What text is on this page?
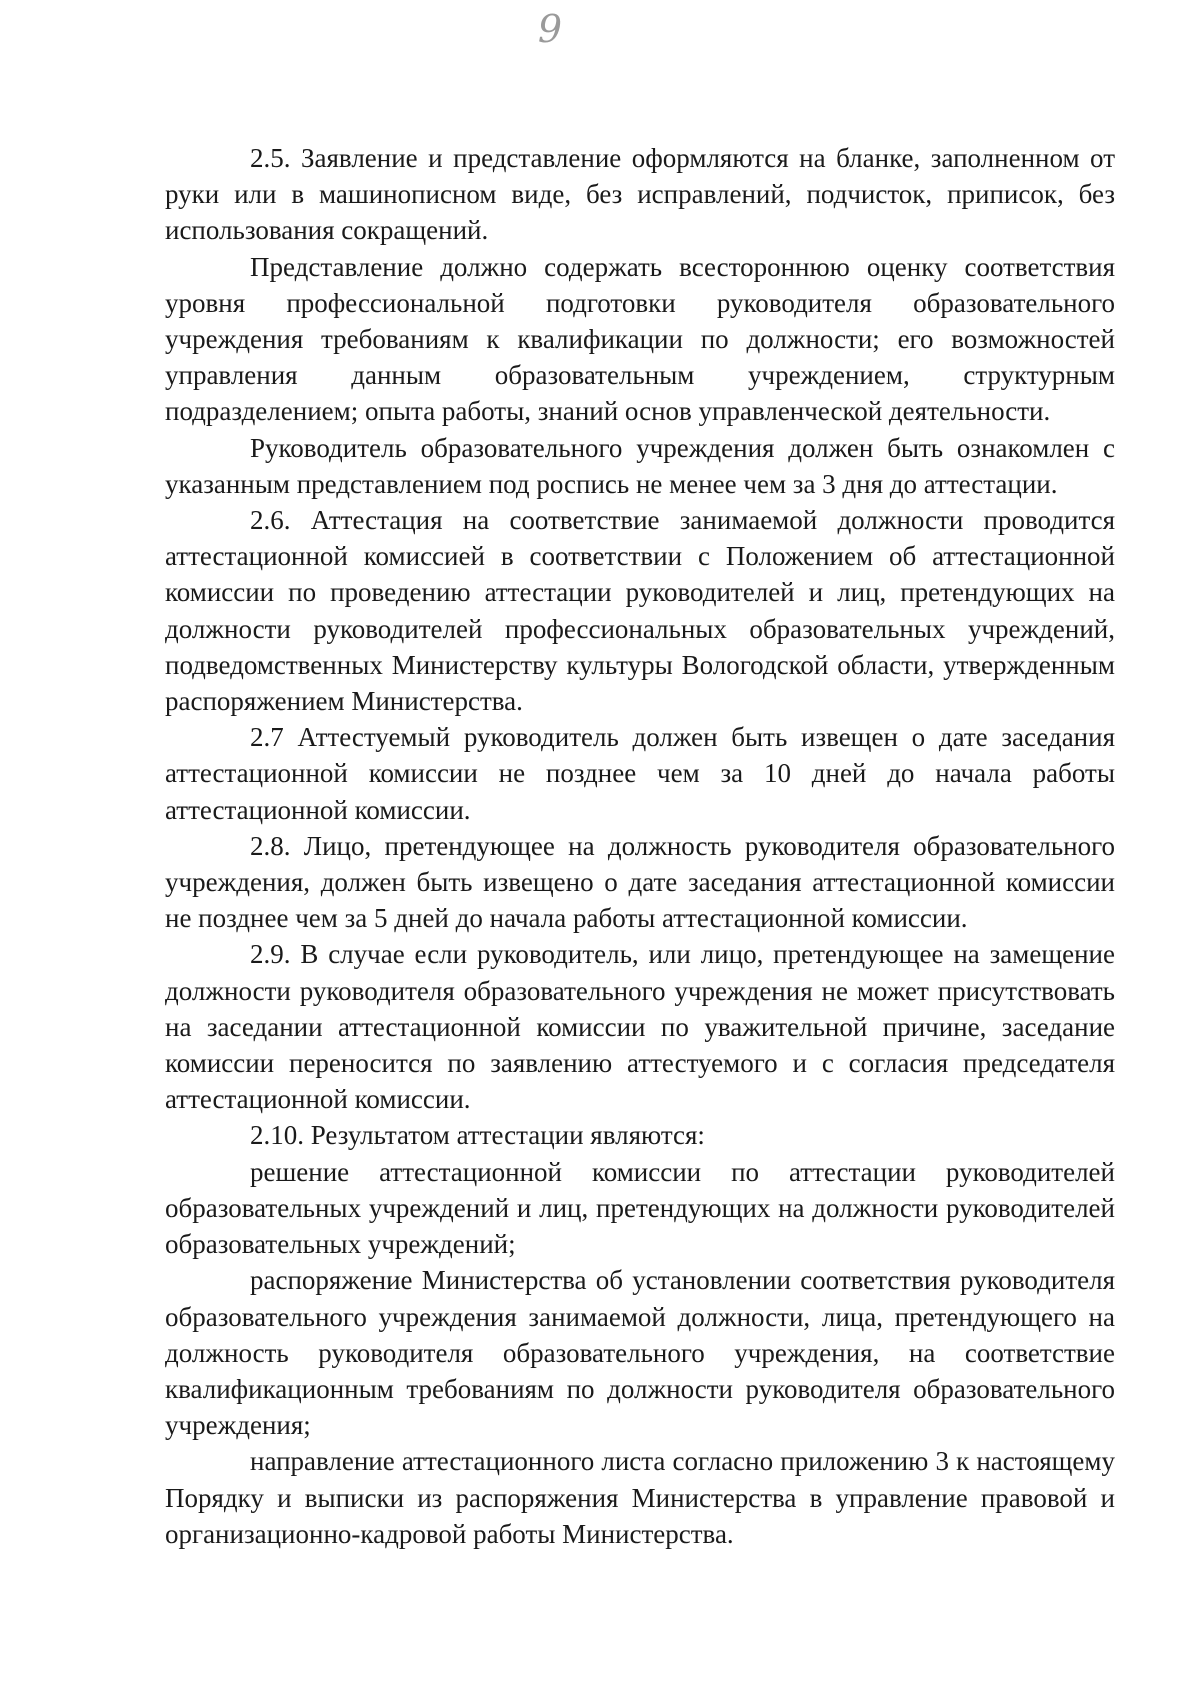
9

2.5. Заявление и представление оформляются на бланке, заполненном от руки или в машинописном виде, без исправлений, подчисток, приписок, без использования сокращений.

Представление должно содержать всестороннюю оценку соответствия уровня профессиональной подготовки руководителя образовательного учреждения требованиям к квалификации по должности; его возможностей управления данным образовательным учреждением, структурным подразделением; опыта работы, знаний основ управленческой деятельности.

Руководитель образовательного учреждения должен быть ознакомлен с указанным представлением под роспись не менее чем за 3 дня до аттестации.

2.6. Аттестация на соответствие занимаемой должности проводится аттестационной комиссией в соответствии с Положением об аттестационной комиссии по проведению аттестации руководителей и лиц, претендующих на должности руководителей профессиональных образовательных учреждений, подведомственных Министерству культуры Вологодской области, утвержденным распоряжением Министерства.

2.7 Аттестуемый руководитель должен быть извещен о дате заседания аттестационной комиссии не позднее чем за 10 дней до начала работы аттестационной комиссии.

2.8. Лицо, претендующее на должность руководителя образовательного учреждения, должен быть извещено о дате заседания аттестационной комиссии не позднее чем за 5 дней до начала работы аттестационной комиссии.

2.9. В случае если руководитель, или лицо, претендующее на замещение должности руководителя образовательного учреждения не может присутствовать на заседании аттестационной комиссии по уважительной причине, заседание комиссии переносится по заявлению аттестуемого и с согласия председателя аттестационной комиссии.

2.10. Результатом аттестации являются:

решение аттестационной комиссии по аттестации руководителей образовательных учреждений и лиц, претендующих на должности руководителей образовательных учреждений;

распоряжение Министерства об установлении соответствия руководителя образовательного учреждения занимаемой должности, лица, претендующего на должность руководителя образовательного учреждения, на соответствие квалификационным требованиям по должности руководителя образовательного учреждения;

направление аттестационного листа согласно приложению 3 к настоящему Порядку и выписки из распоряжения Министерства в управление правовой и организационно-кадровой работы Министерства.
